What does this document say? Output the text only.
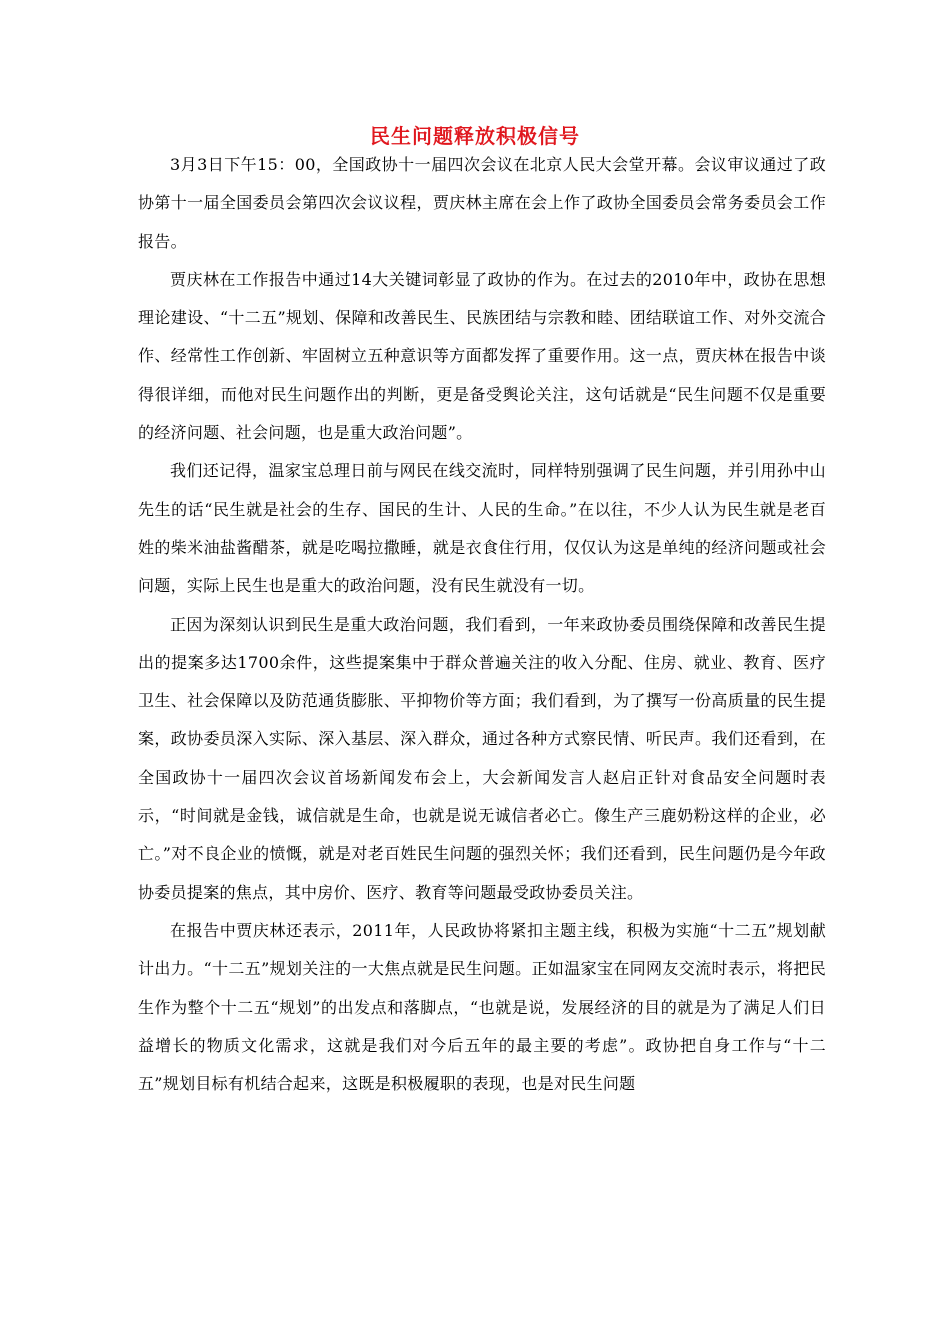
民生问题释放积极信号

3月3日下午15：00，全国政协十一届四次会议在北京人民大会堂开幕。会议审议通过了政协第十一届全国委员会第四次会议议程，贾庆林主席在会上作了政协全国委员会常务委员会工作报告。

贾庆林在工作报告中通过14大关键词彰显了政协的作为。在过去的2010年中，政协在思想理论建设、“十二五”规划、保障和改善民生、民族团结与宗教和睦、团结联谊工作、对外交流合作、经常性工作创新、牢固树立五种意识等方面都发挥了重要作用。这一点，贾庆林在报告中谈得很详细，而他对民生问题作出的判断，更是备受舆论关注，这句话就是“民生问题不仅是重要的经济问题、社会问题，也是重大政治问题”。

我们还记得，温家宝总理日前与网民在线交流时，同样特别强调了民生问题，并引用孙中山先生的话“民生就是社会的生存、国民的生计、人民的生命。”在以往，不少人认为民生就是老百姓的柴米油盐酱醋茶，就是吃喝拉撒睡，就是衣食住行用，仅仅认为这是单纯的经济问题或社会问题，实际上民生也是重大的政治问题，没有民生就没有一切。

正因为深刻认识到民生是重大政治问题，我们看到，一年来政协委员围绕保障和改善民生提出的提案多达1700余件，这些提案集中于群众普遍关注的收入分配、住房、就业、教育、医疗卫生、社会保障以及防范通货膨胀、平抑物价等方面；我们看到，为了撰写一份高质量的民生提案，政协委员深入实际、深入基层、深入群众，通过各种方式察民情、听民声。我们还看到，在全国政协十一届四次会议首场新闻发布会上，大会新闻发言人赵启正针对食品安全问题时表示，“时间就是金钱，诚信就是生命，也就是说无诚信者必亡。像生产三鹿奶粉这样的企业，必亡。”对不良企业的愤慨，就是对老百姓民生问题的强烈关怀；我们还看到，民生问题仍是今年政协委员提案的焦点，其中房价、医疗、教育等问题最受政协委员关注。

在报告中贾庆林还表示，2011年，人民政协将紧扣主题主线，积极为实施“十二五”规划献计出力。“十二五”规划关注的一大焦点就是民生问题。正如温家宝在同网友交流时表示，将把民生作为整个十二五“规划”的出发点和落脚点，“也就是说，发展经济的目的就是为了满足人们日益增长的物质文化需求，这就是我们对今后五年的最主要的考虑”。政协把自身工作与“十二五”规划目标有机结合起来，这既是积极履职的表现，也是对民生问题
